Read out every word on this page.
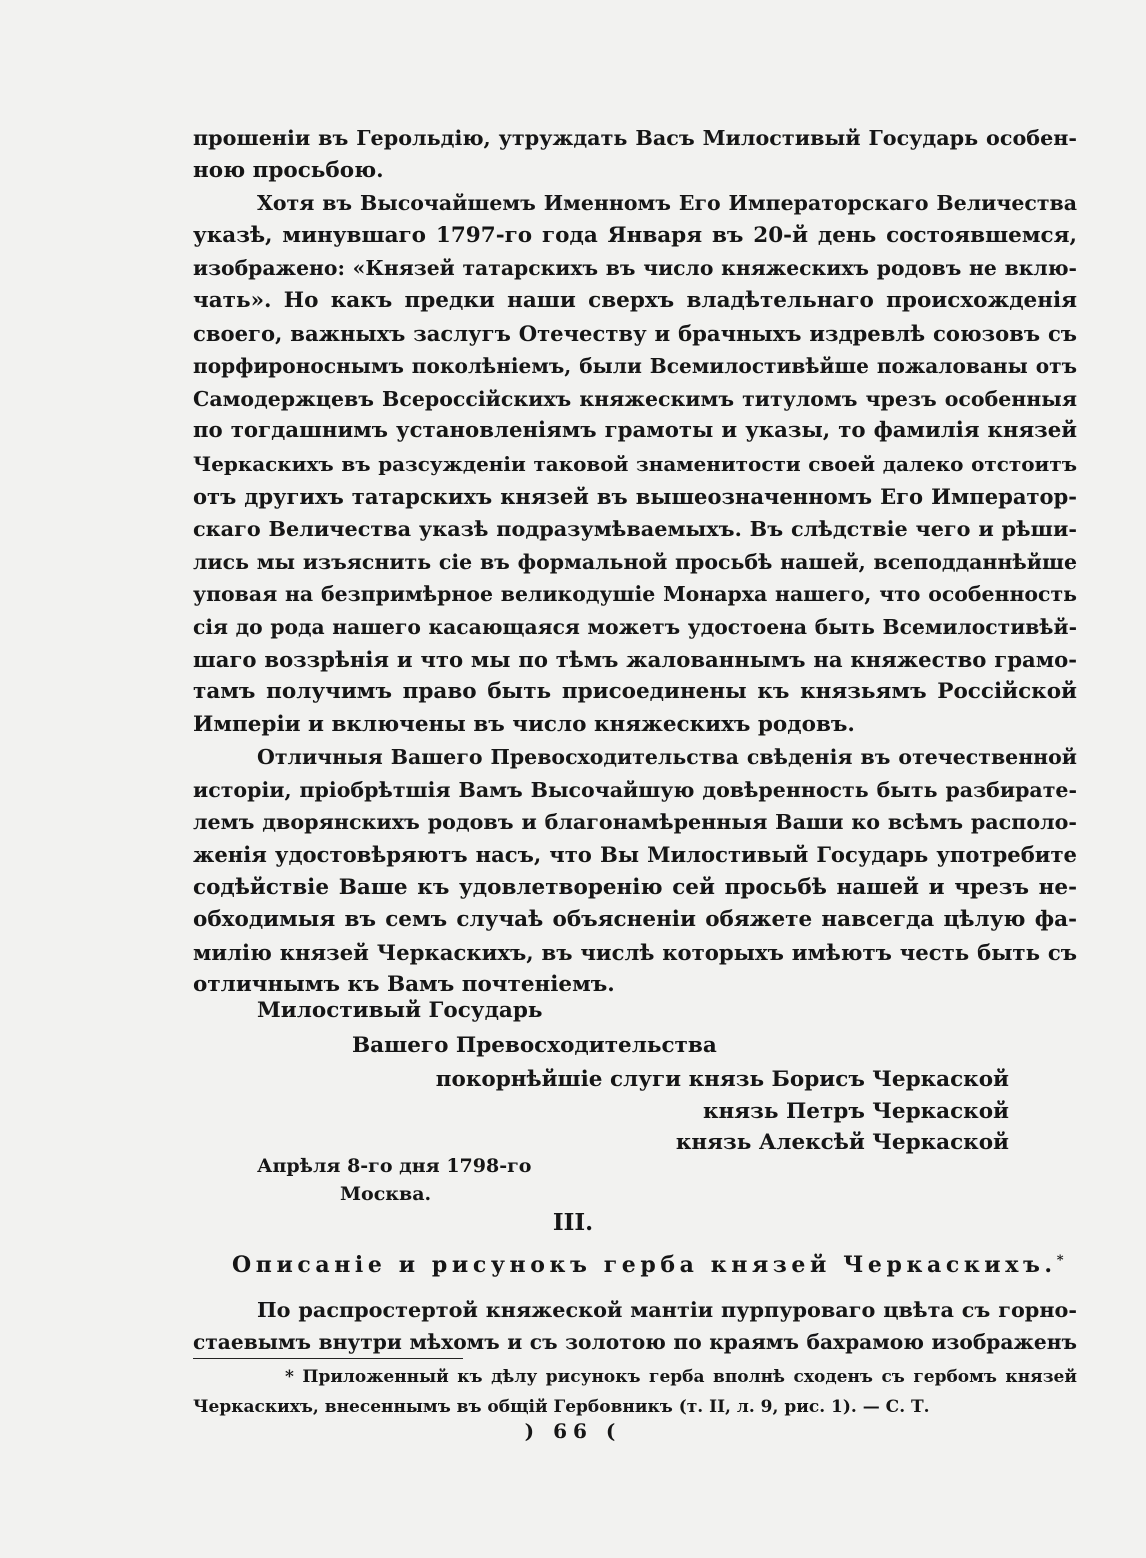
прошеніи въ Герольдію, утруждать Васъ Милостивый Государь особен-
ною просьбою.
Хотя въ Высочайшемъ Именномъ Его Императорскаго Величества
указѣ, минувшаго 1797-го года Января въ 20-й день состоявшемся,
изображено: «Князей татарскихъ въ число княжескихъ родовъ не вклю-
чать». Но какъ предки наши сверхъ владѣтельнаго происхожденія
своего, важныхъ заслугъ Отечеству и брачныхъ издревлѣ союзовъ съ
порфироноснымъ поколѣніемъ, были Всемилостивѣйше пожалованы отъ
Самодержцевъ Всероссійскихъ княжескимъ титуломъ чрезъ особенныя
по тогдашнимъ установленіямъ грамоты и указы, то фамилія князей
Черкаскихъ въ разсужденіи таковой знаменитости своей далеко отстоитъ
отъ другихъ татарскихъ князей въ вышеозначенномъ Его Император-
скаго Величества указѣ подразумѣваемыхъ. Въ слѣдствіе чего и рѣши-
лись мы изъяснить сіе въ формальной просьбѣ нашей, всеподданнѣйше
уповая на безпримѣрное великодушіе Монарха нашего, что особенность
сія до рода нашего касающаяся можетъ удостоена быть Всемилостивѣй-
шаго воззрѣнія и что мы по тѣмъ жалованнымъ на княжество грамо-
тамъ получимъ право быть присоединены къ князьямъ Россійской
Имперіи и включены въ число княжескихъ родовъ.
Отличныя Вашего Превосходительства свѣденія въ отечественной
исторіи, пріобрѣтшія Вамъ Высочайшую довѣренность быть разбирате-
лемъ дворянскихъ родовъ и благонамѣренныя Ваши ко всѣмъ располо-
женія удостовѣряютъ насъ, что Вы Милостивый Государь употребите
содѣйствіе Ваше къ удовлетворенію сей просьбѣ нашей и чрезъ не-
обходимыя въ семъ случаѣ объясненіи обяжете навсегда цѣлую фа-
милію князей Черкаскихъ, въ числѣ которыхъ имѣютъ честь быть съ
отличнымъ къ Вамъ почтеніемъ.
Милостивый Государь
Вашего Превосходительства
покорнѣйшіе слуги князь Борисъ Черкаской
князь Петръ Черкаской
князь Алексѣй Черкаской
Апрѣля 8-го дня 1798-го
Москва.
III.
Описаніе и рисунокъ герба князей Черкаскихъ.*
По распростертой княжеской мантіи пурпуроваго цвѣта съ горно-
стаевымъ внутри мѣхомъ и съ золотою по краямъ бахрамою изображенъ
* Приложенный къ дѣлу рисунокъ герба вполнѣ сходенъ съ гербомъ князей
Черкаскихъ, внесеннымъ въ общій Гербовникъ (т. II, л. 9, рис. 1). — С. Т.
) 66 (
